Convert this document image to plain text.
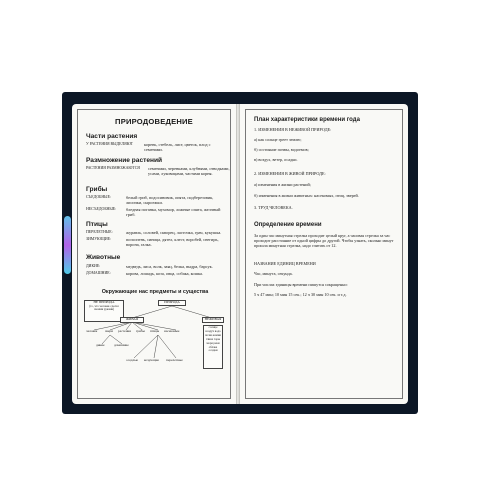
ПРИРОДОВЕДЕНИЕ
Части растения
У РАСТЕНИЯ ВЫДЕЛЯЮТ	корень, стебель, лист, цветок, плод с семенами.
Размножение растений
РАСТЕНИЯ РАЗМНОЖАЮТСЯ	семенами, черенками, клубнями, отводками, усами, луковицами, частями корня.
Грибы
СЪЕДОБНЫЕ:	белый гриб, подосиновик, опята, подберезовик, лисички, сыроежки.
НЕСЪЕДОБНЫЕ:	бледная поганка, мухомор, ложные опята, желчный гриб.
Птицы
ПЕРЕЛЕТНЫЕ:	журавль, соловей, скворец, ласточка, грач, кукушка.
ЗИМУЮЩИЕ:	поползень, синица, дятел, клест, воробей, снегирь, ворона, галка.
Животные
ДИКИЕ:	медведь, лиса, волк, заяц, белка, выдра, барсук.
ДОМАШНИЕ:	корова, лошадь, коза, овца, собака, кошка.
Окружающие нас предметы и существа
НЕ ПРИРОДА
(то, что человек сделал своими руками)
ПРИРОДА
ЖИВАЯ	НЕЖИВАЯ
солнце воздух вода почва камни глина горы моря реки облака осадки
человек звери растения грибы птицы насекомые
дикие	домашние
оседлые кочующие перелетные
План характеристики времени года
1. ИЗМЕНЕНИЯ В НЕЖИВОЙ ПРИРОДЕ:
а) как солнце греет землю;
б) состояние почвы, водоемов;
в) воздух, ветер, осадки.
2. ИЗМЕНЕНИЯ В ЖИВОЙ ПРИРОДЕ:
а) изменения в жизни растений;
б) изменения в жизни животных: насекомых, птиц, зверей.
3. ТРУД ЧЕЛОВЕКА.
Определение времени
За один час минутная стрелка проходит целый круг, а часовая стрелка за час проходит расстояние от одной цифры до другой. Чтобы узнать, сколько минут прошла минутная стрелка, надо считать от 12.
НАЗВАНИЕ ЕДИНИЦ ВРЕМЕНИ
Час, минута, секунда.
При числах единицы времени пишутся сокращенно:
5 ч 47 мин; 10 мин 15 сек.; 12 ч 30 мин 10 сек. и т.д.
